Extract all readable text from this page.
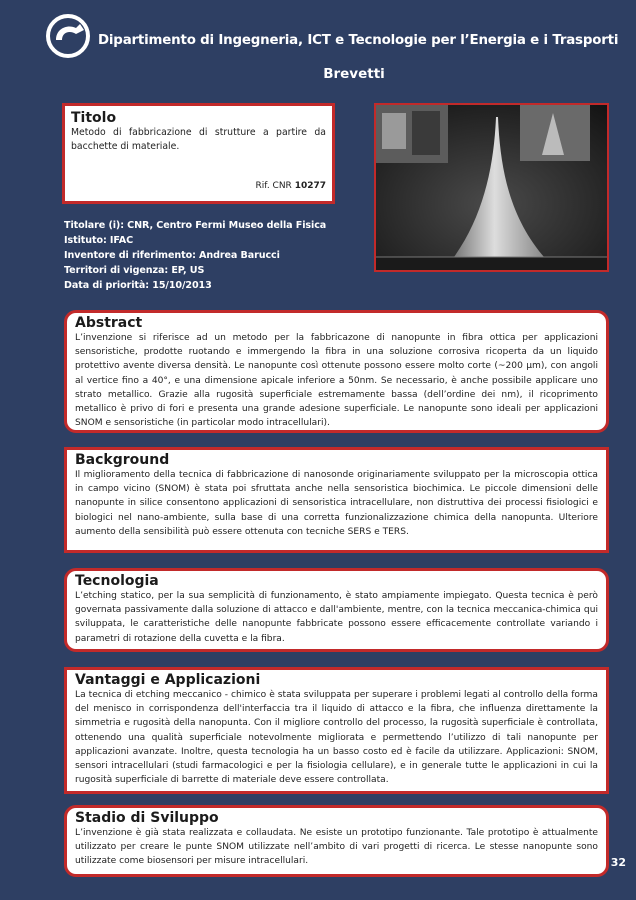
Dipartimento di Ingegneria, ICT e Tecnologie per l’Energia e i Trasporti
Brevetti
Titolo

Metodo di fabbricazione di strutture a partire da bacchette di materiale.

Rif. CNR 10277
Titolare (i): CNR, Centro Fermi Museo della Fisica
Istituto: IFAC
Inventore di riferimento: Andrea Barucci
Territori di vigenza: EP, US
Data di priorità: 15/10/2013
Abstract

L’invenzione si riferisce ad un metodo per la fabbricazone di nanopunte in fibra ottica per applicazioni sensoristiche, prodotte ruotando e immergendo la fibra in una soluzione corrosiva ricoperta da un liquido protettivo avente diversa densità. Le nanopunte così ottenute possono essere molto corte (~200 µm), con angoli al vertice fino a 40°, e una dimensione apicale inferiore a 50nm. Se necessario, è anche possibile applicare uno strato metallico. Grazie alla rugosità superficiale estremamente bassa (dell’ordine dei nm), il ricoprimento metallico è privo di fori e presenta una grande adesione superficiale. Le nanopunte sono ideali per applicazioni SNOM e sensoristiche (in particolar modo intracellulari).

Background

Il miglioramento della tecnica di fabbricazione di nanosonde originariamente sviluppato per la microscopia ottica in campo vicino (SNOM) è stata poi sfruttata anche nella sensoristica biochimica. Le piccole dimensioni delle nanopunte in silice consentono applicazioni di sensoristica intracellulare, non distruttiva dei processi fisiologici e biologici nel nano-ambiente, sulla base di una corretta funzionalizzazione chimica della nanopunta. Ulteriore aumento della sensibilità può essere ottenuta con tecniche SERS e TERS.

Tecnologia

L’etching statico, per la sua semplicità di funzionamento, è stato ampiamente impiegato. Questa tecnica è però governata passivamente dalla soluzione di attacco e dall'ambiente, mentre, con la tecnica meccanica-chimica qui sviluppata, le caratteristiche delle nanopunte fabbricate possono essere efficacemente controllate variando i parametri di rotazione della cuvetta e la fibra.

Vantaggi e Applicazioni

La tecnica di etching meccanico - chimico è stata sviluppata per superare i problemi legati al controllo della forma del menisco in corrispondenza dell'interfaccia tra il liquido di attacco e la fibra, che influenza direttamente la simmetria e rugosità della nanopunta. Con il migliore controllo del processo, la rugosità superficiale è controllata, ottenendo una qualità superficiale notevolmente migliorata e permettendo l’utilizzo di tali nanopunte per applicazioni avanzate. Inoltre, questa tecnologia ha un basso costo ed è facile da utilizzare. Applicazioni: SNOM, sensori intracellulari (studi farmacologici e per la fisiologia cellulare), e in generale tutte le applicazioni in cui la rugosità superficiale di barrette di materiale deve essere controllata.

Stadio di Sviluppo

L’invenzione è già stata realizzata e collaudata. Ne esiste un prototipo funzionante. Tale prototipo è attualmente utilizzato per creare le punte SNOM utilizzate nell’ambito di vari progetti di ricerca. Le stesse nanopunte sono utilizzate come biosensori per misure intracellulari.	32
